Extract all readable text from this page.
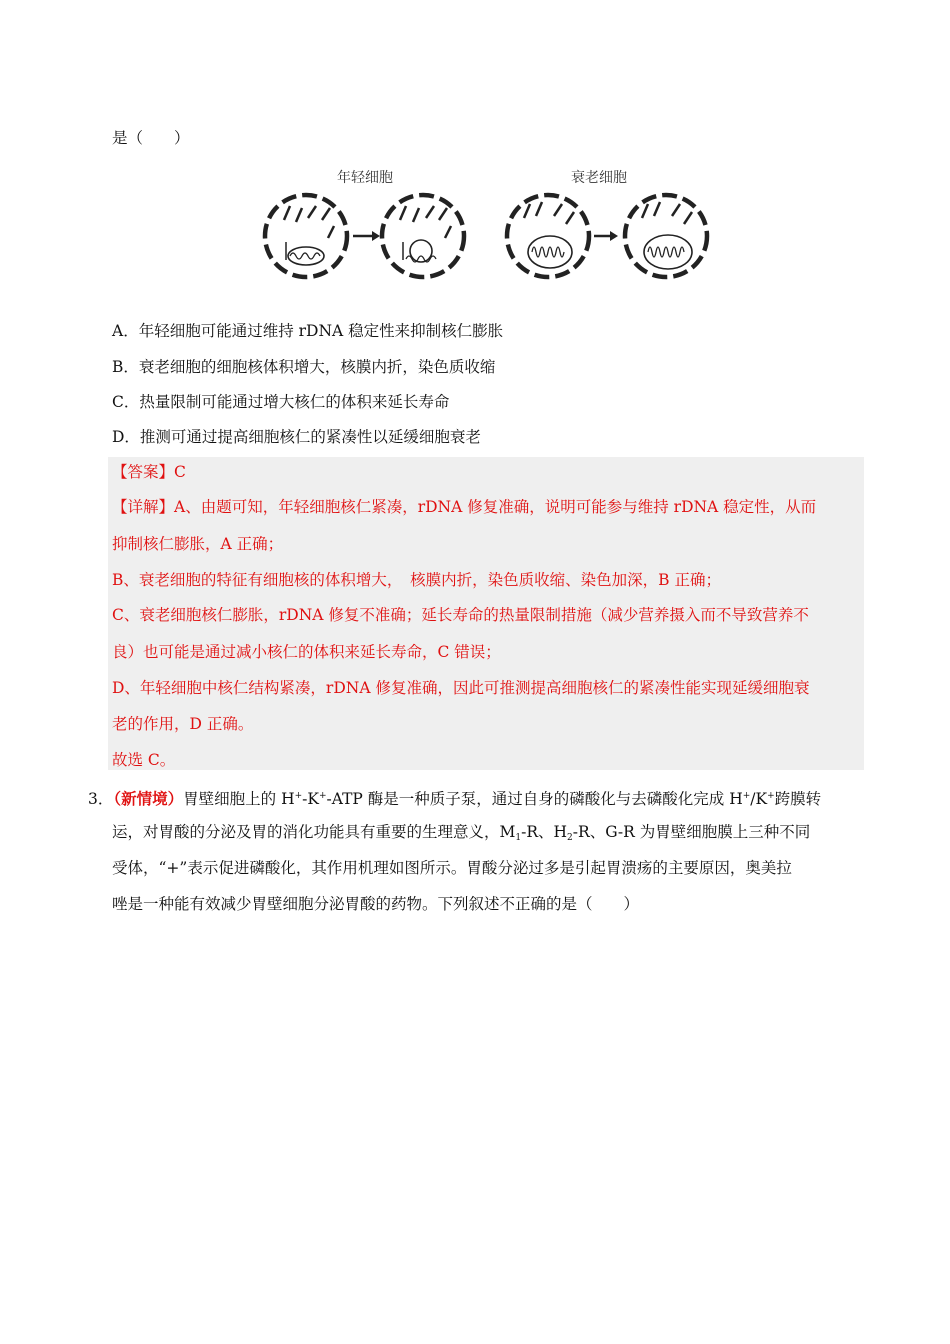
是（　　）
年轻细胞	衰老细胞
A．年轻细胞可能通过维持 rDNA 稳定性来抑制核仁膨胀
B．衰老细胞的细胞核体积增大，核膜内折，染色质收缩
C．热量限制可能通过增大核仁的体积来延长寿命
D．推测可通过提高细胞核仁的紧凑性以延缓细胞衰老
【答案】C
【详解】A、由题可知，年轻细胞核仁紧凑，rDNA 修复准确，说明可能参与维持 rDNA 稳定性，从而
抑制核仁膨胀，A 正确；
B、衰老细胞的特征有细胞核的体积增大，　核膜内折，染色质收缩、染色加深，B 正确；
C、衰老细胞核仁膨胀，rDNA 修复不准确；延长寿命的热量限制措施（减少营养摄入而不导致营养不
良）也可能是通过减小核仁的体积来延长寿命，C 错误；
D、年轻细胞中核仁结构紧凑，rDNA 修复准确，因此可推测提高细胞核仁的紧凑性能实现延缓细胞衰
老的作用，D 正确。
故选 C。
3．（新情境）胃壁细胞上的 H+-K+-ATP 酶是一种质子泵，通过自身的磷酸化与去磷酸化完成 H+/K+跨膜转
运，对胃酸的分泌及胃的消化功能具有重要的生理意义，$M_1-R$、$H_2-R$、G-R 为胃壁细胞膜上三种不同
受体，“+”表示促进磷酸化，其作用机理如图所示。胃酸分泌过多是引起胃溃疡的主要原因，奥美拉
唑是一种能有效减少胃壁细胞分泌胃酸的药物。下列叙述不正确的是（　　）
